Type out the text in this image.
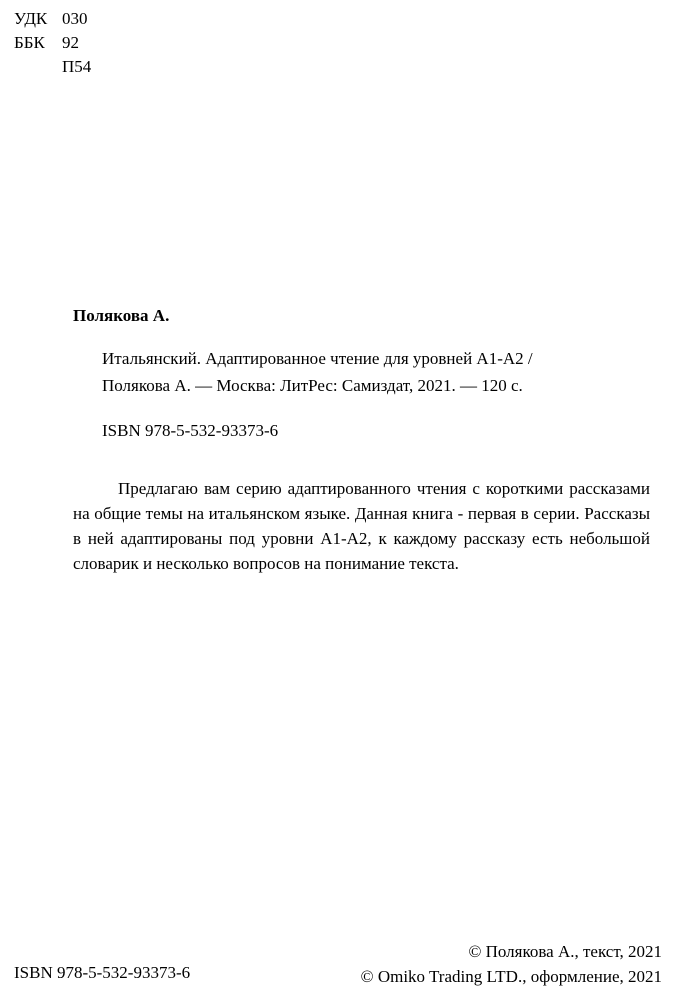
УДК 030
ББК 92
П54
Полякова А.
Итальянский. Адаптированное чтение для уровней А1-А2 /
Полякова А. — Москва: ЛитРес: Самиздат, 2021. — 120 с.
ISBN 978-5-532-93373-6
Предлагаю вам серию адаптированного чтения с короткими рассказами на общие темы на итальянском языке. Данная книга - первая в серии. Рассказы в ней адаптированы под уровни А1-А2, к каждому рассказу есть небольшой словарик и несколько вопросов на понимание текста.
ISBN 978-5-532-93373-6
© Полякова А., текст, 2021
© Omiko Trading LTD., оформление, 2021
